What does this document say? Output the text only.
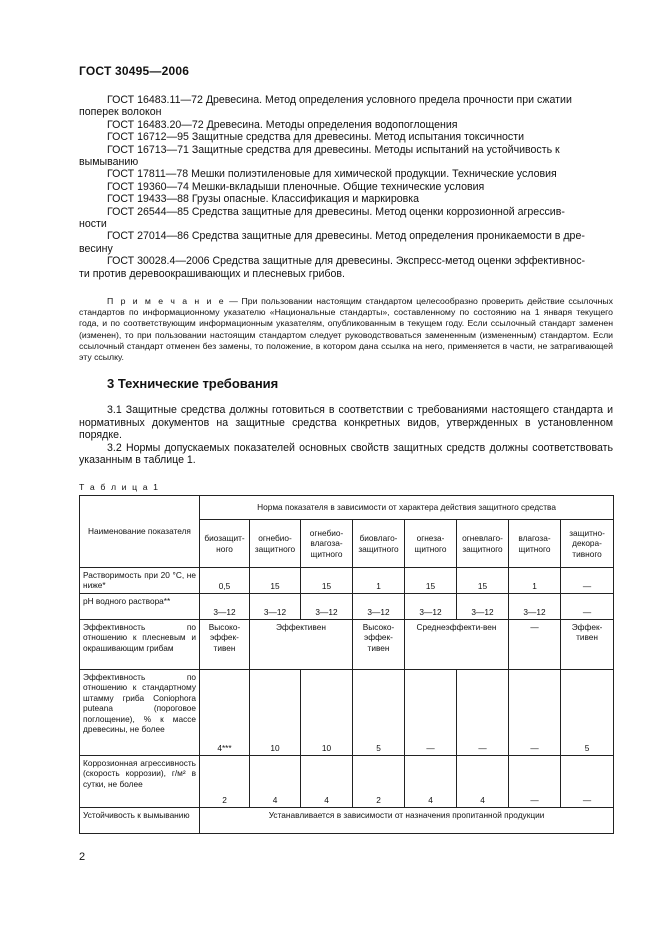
ГОСТ 30495—2006

ГОСТ 16483.11—72 Древесина. Метод определения условного предела прочности при сжатии
поперек волокон

ГОСТ 16483.20—72 Древесина. Методы определения водопоглощения

ГОСТ 16712—95 Защитные средства для древесины. Метод испытания токсичности

ГОСТ 16713—71 Защитные средства для древесины. Методы испытаний на устойчивость к
вымыванию

ГОСТ 17811—78 Мешки полиэтиленовые для химической продукции. Технические условия

ГОСТ 19360—74 Мешки-вкладыши пленочные. Общие технические условия

ГОСТ 19433—88 Грузы опасные. Классификация и маркировка

ГОСТ 26544—85 Средства защитные для древесины. Метод оценки коррозионной агрессив-
ности

ГОСТ 27014—86 Средства защитные для древесины. Метод определения проникаемости в дре-
весину

ГОСТ 30028.4—2006 Средства защитные для древесины. Экспресс-метод оценки эффективнос-
ти против деревоокрашивающих и плесневых грибов.

П р и м е ч а н и е — При пользовании настоящим стандартом целесообразно проверить действие ссылочных стандартов по информационному указателю «Национальные стандарты», составленному по состоянию на 1 января текущего года, и по соответствующим информационным указателям, опубликованным в текущем году. Если ссылочный стандарт заменен (изменен), то при пользовании настоящим стандартом следует руководствоваться замененным (измененным) стандартом. Если ссылочный стандарт отменен без замены, то положение, в котором дана ссылка на него, применяется в части, не затрагивающей эту ссылку.

3 Технические требования

3.1 Защитные средства должны готовиться в соответствии с требованиями настоящего стандарта и нормативных документов на защитные средства конкретных видов, утвержденных в установленном порядке.

3.2 Нормы допускаемых показателей основных свойств защитных средств должны соответствовать указанным в таблице 1.

Т а б л и ц а 1
Наименование показателя	Норма показателя в зависимости от характера действия защитного средства							
	биозащит-ного	огнебио-защитного	огнебио-влагоза-щитного	биовлаго-защитного	огнеза-щитного	огневлаго-защитного	влагоза-щитного	защитно-декора-тивного
Растворимость при 20 °С, не ниже*	0,5	15	15	1	15	15	1	—
рН водного раствора**	3—12	3—12	3—12	3—12	3—12	3—12	3—12	—
Эффективность по отношению к плесневым и окрашивающим грибам	Высоко-эффек-тивен	Эффективен		Высоко-эффек-тивен	Среднеэффекти-вен		—	Эффек-тивен
Эффективность по отношению к стандартному штамму гриба Coniophora puteana (пороговое поглощение), % к массе древесины, не более	4***	10	10	5	—	—	—	5
Коррозионная агрессивность (скорость коррозии), г/м² в сутки, не более	2	4	4	2	4	4	—	—
Устойчивость к вымыванию	Устанавливается в зависимости от назначения пропитанной продукции							
2
